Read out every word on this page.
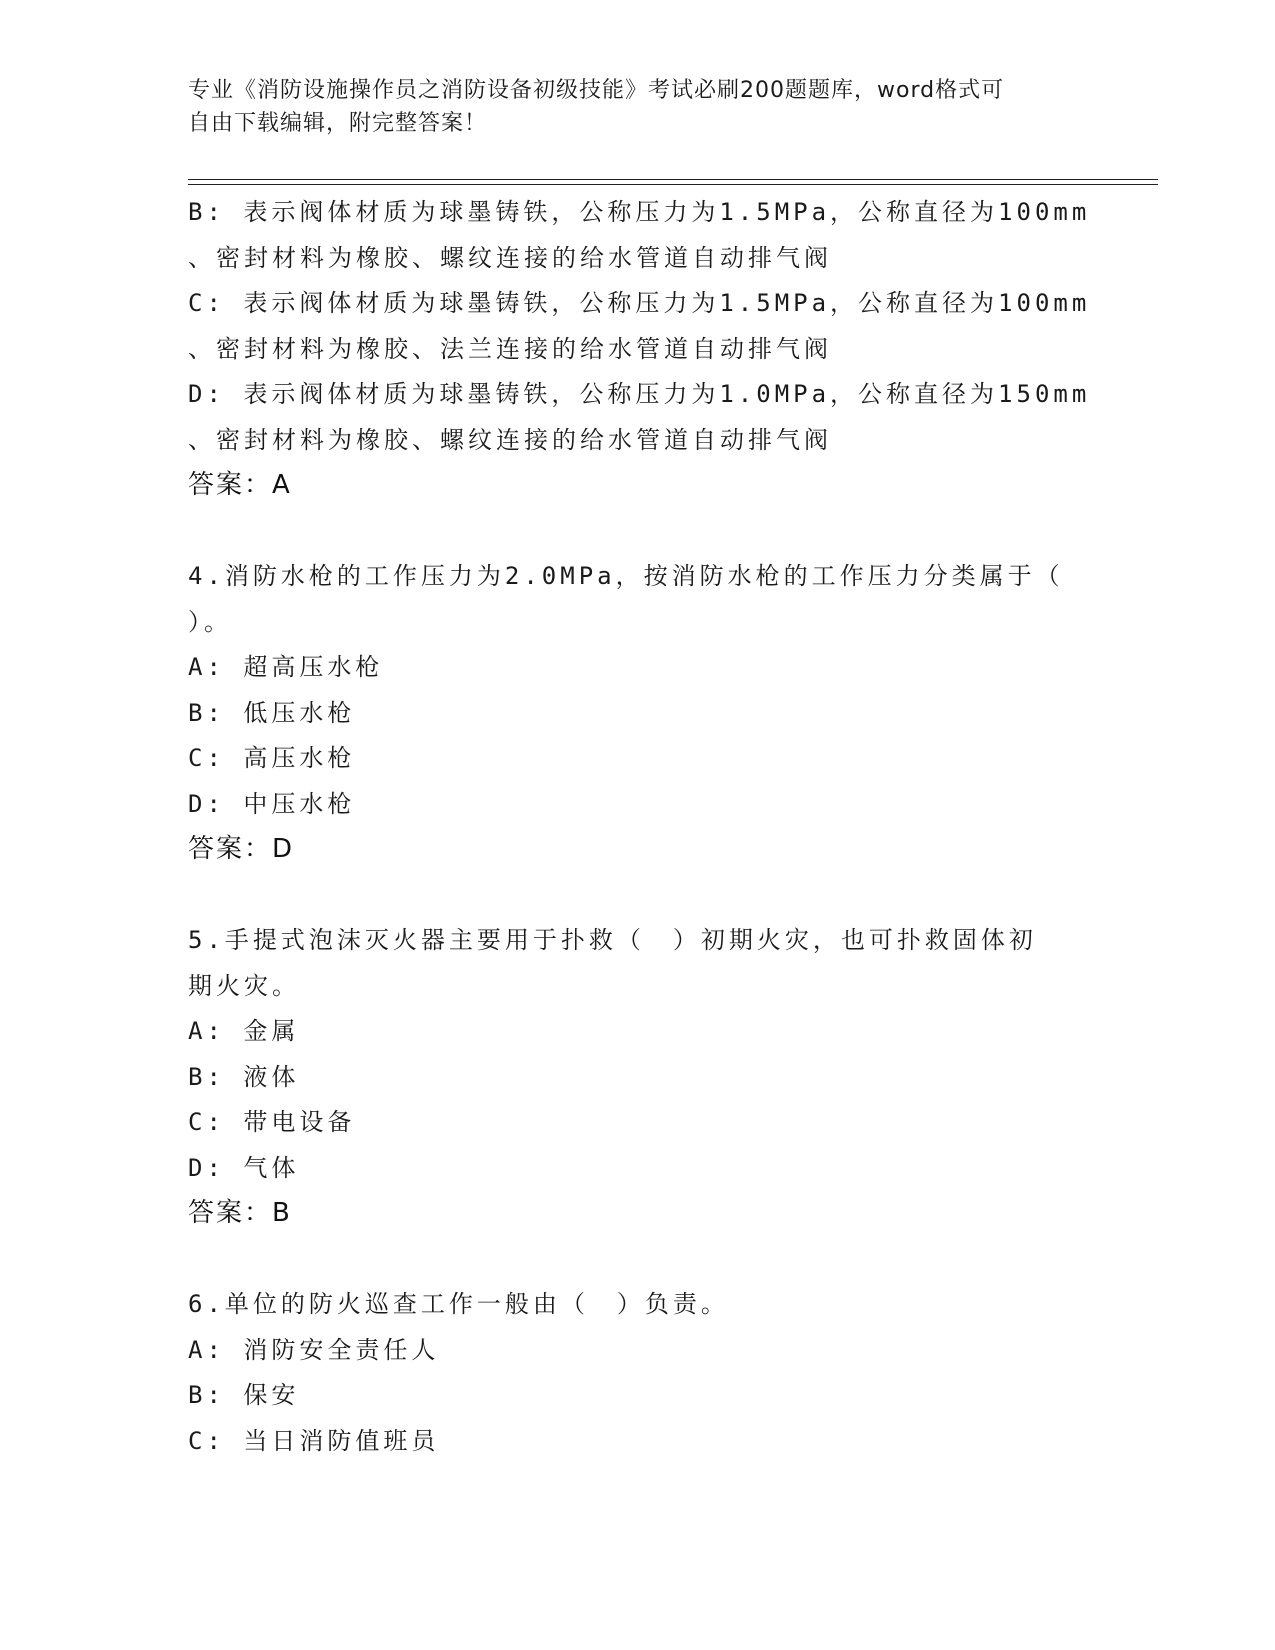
专业《消防设施操作员之消防设备初级技能》考试必刷200题题库，word格式可
自由下载编辑，附完整答案！
B: 表示阀体材质为球墨铸铁，公称压力为1.5MPa，公称直径为100mm
、密封材料为橡胶、螺纹连接的给水管道自动排气阀
C: 表示阀体材质为球墨铸铁，公称压力为1.5MPa，公称直径为100mm
、密封材料为橡胶、法兰连接的给水管道自动排气阀
D: 表示阀体材质为球墨铸铁，公称压力为1.0MPa，公称直径为150mm
、密封材料为橡胶、螺纹连接的给水管道自动排气阀
答案：A
4.消防水枪的工作压力为2.0MPa，按消防水枪的工作压力分类属于（
）。
A: 超高压水枪
B: 低压水枪
C: 高压水枪
D: 中压水枪
答案：D
5.手提式泡沫灭火器主要用于扑救（　）初期火灾，也可扑救固体初
期火灾。
A: 金属
B: 液体
C: 带电设备
D: 气体
答案：B
6.单位的防火巡查工作一般由（　）负责。
A: 消防安全责任人
B: 保安
C: 当日消防值班员
